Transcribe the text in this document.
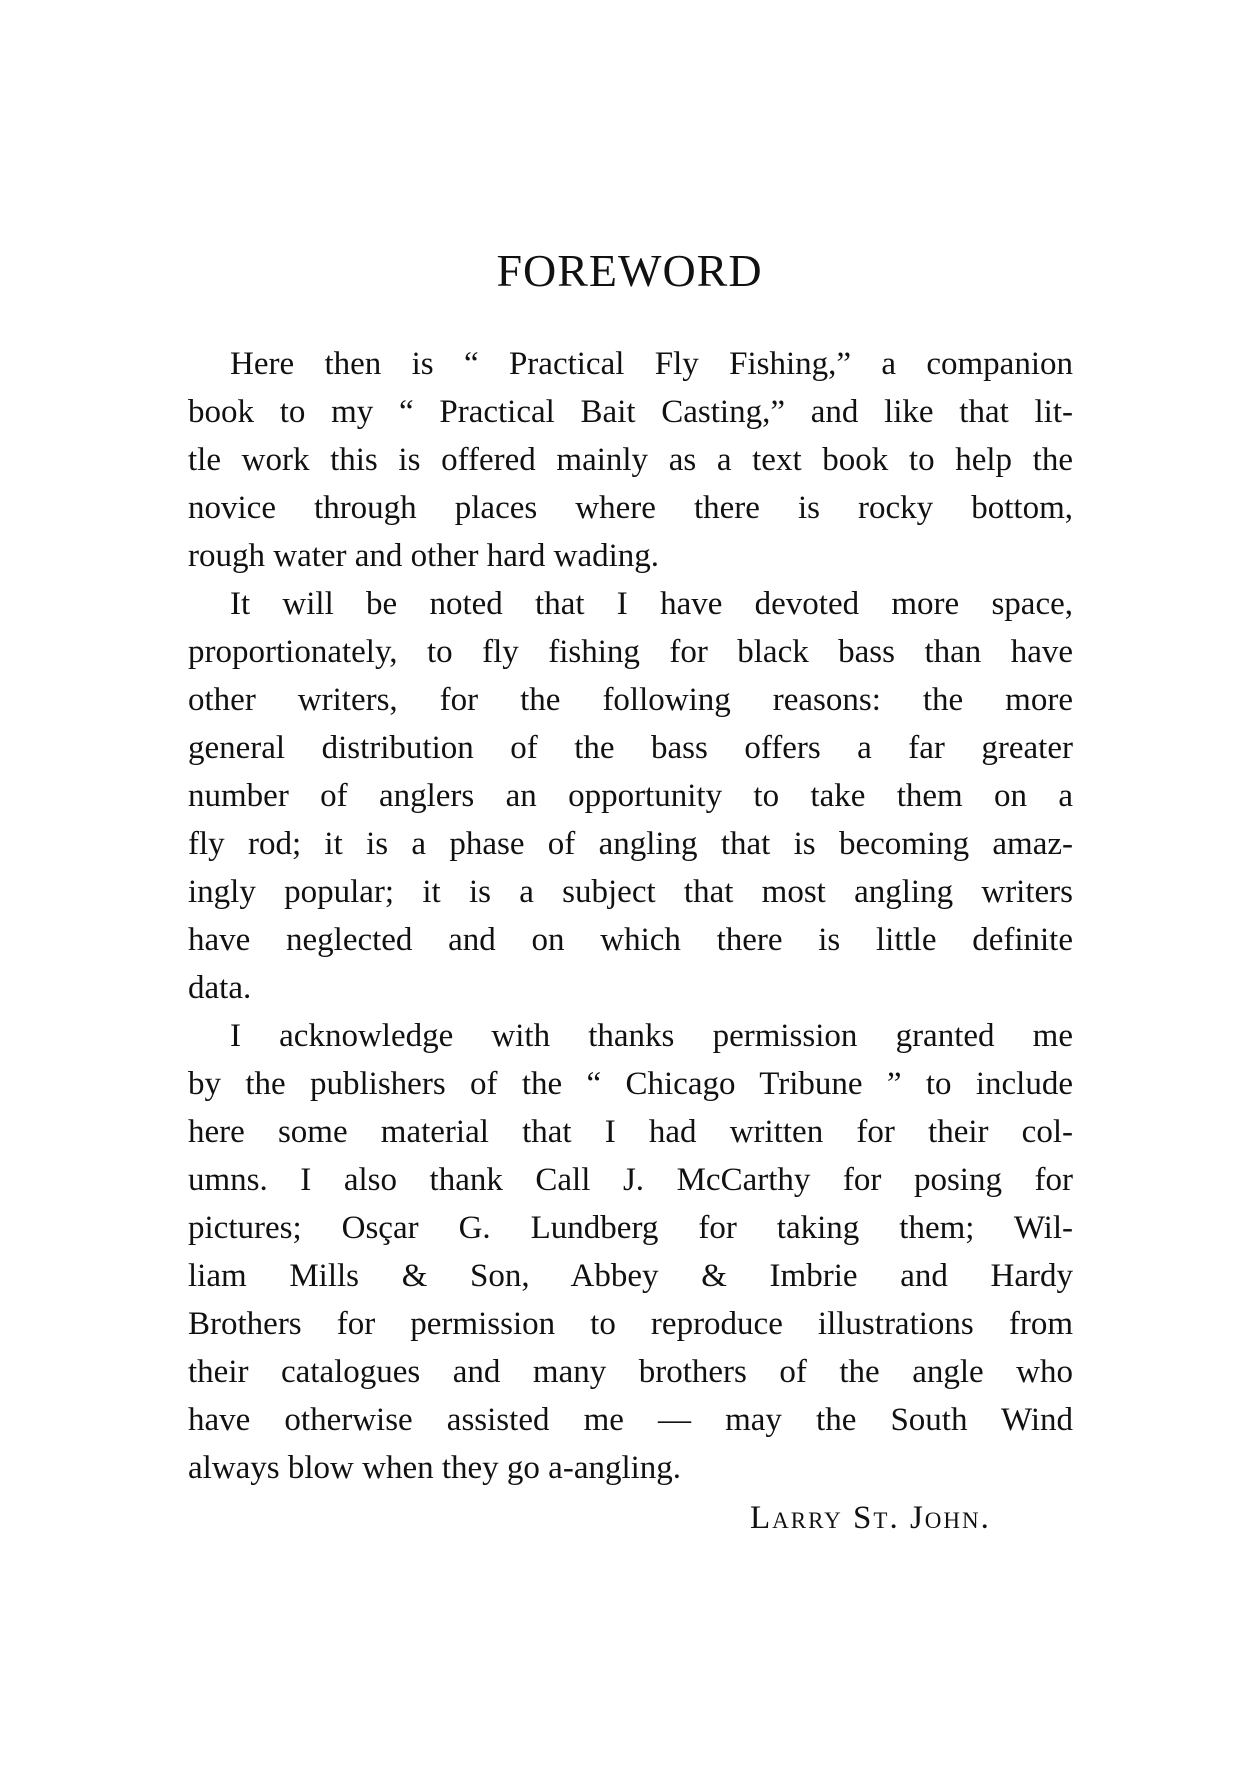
FOREWORD
Here then is “ Practical Fly Fishing,” a companion
book to my “ Practical Bait Casting,” and like that lit-
tle work this is offered mainly as a text book to help the
novice through places where there is rocky bottom,
rough water and other hard wading.
It will be noted that I have devoted more space,
proportionately, to fly fishing for black bass than have
other writers, for the following reasons: the more
general distribution of the bass offers a far greater
number of anglers an opportunity to take them on a
fly rod; it is a phase of angling that is becoming amaz-
ingly popular; it is a subject that most angling writers
have neglected and on which there is little definite
data.
I acknowledge with thanks permission granted me
by the publishers of the “ Chicago Tribune ” to include
here some material that I had written for their col-
umns. I also thank Call J. McCarthy for posing for
pictures; Osçar G. Lundberg for taking them; Wil-
liam Mills & Son, Abbey & Imbrie and Hardy
Brothers for permission to reproduce illustrations from
their catalogues and many brothers of the angle who
have otherwise assisted me — may the South Wind
always blow when they go a-angling.
Larry St. John.
